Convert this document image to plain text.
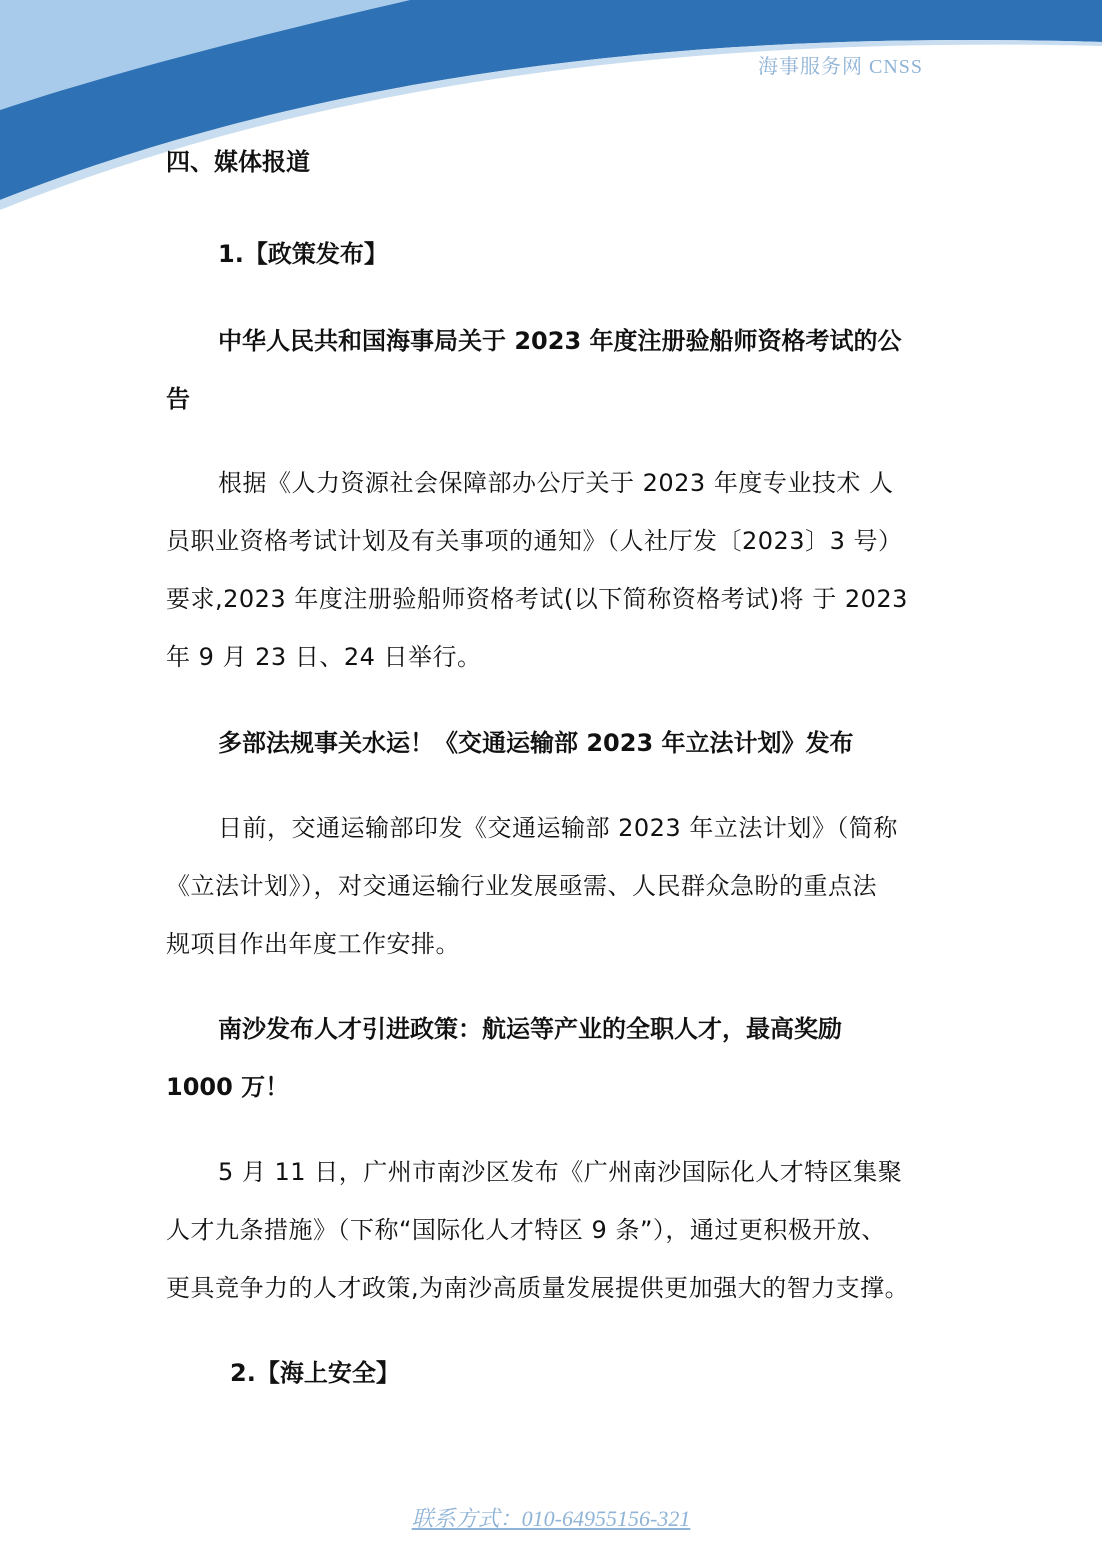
海事服务网 CNSS
四、媒体报道
1.【政策发布】
中华人民共和国海事局关于 2023 年度注册验船师资格考试的公
告
根据《人力资源社会保障部办公厅关于 2023 年度专业技术 人
员职业资格考试计划及有关事项的通知》（人社厅发〔2023〕3 号）
要求,2023 年度注册验船师资格考试(以下简称资格考试)将 于 2023
年 9 月 23 日、24 日举行。
多部法规事关水运！《交通运输部 2023 年立法计划》发布
日前，交通运输部印发《交通运输部 2023 年立法计划》（简称
《立法计划》），对交通运输行业发展亟需、人民群众急盼的重点法
规项目作出年度工作安排。
南沙发布人才引进政策：航运等产业的全职人才，最高奖励
1000 万！
5 月 11 日，广州市南沙区发布《广州南沙国际化人才特区集聚
人才九条措施》（下称“国际化人才特区 9 条”），通过更积极开放、
更具竞争力的人才政策,为南沙高质量发展提供更加强大的智力支撑。
2.【海上安全】
联系方式：010-64955156-321
